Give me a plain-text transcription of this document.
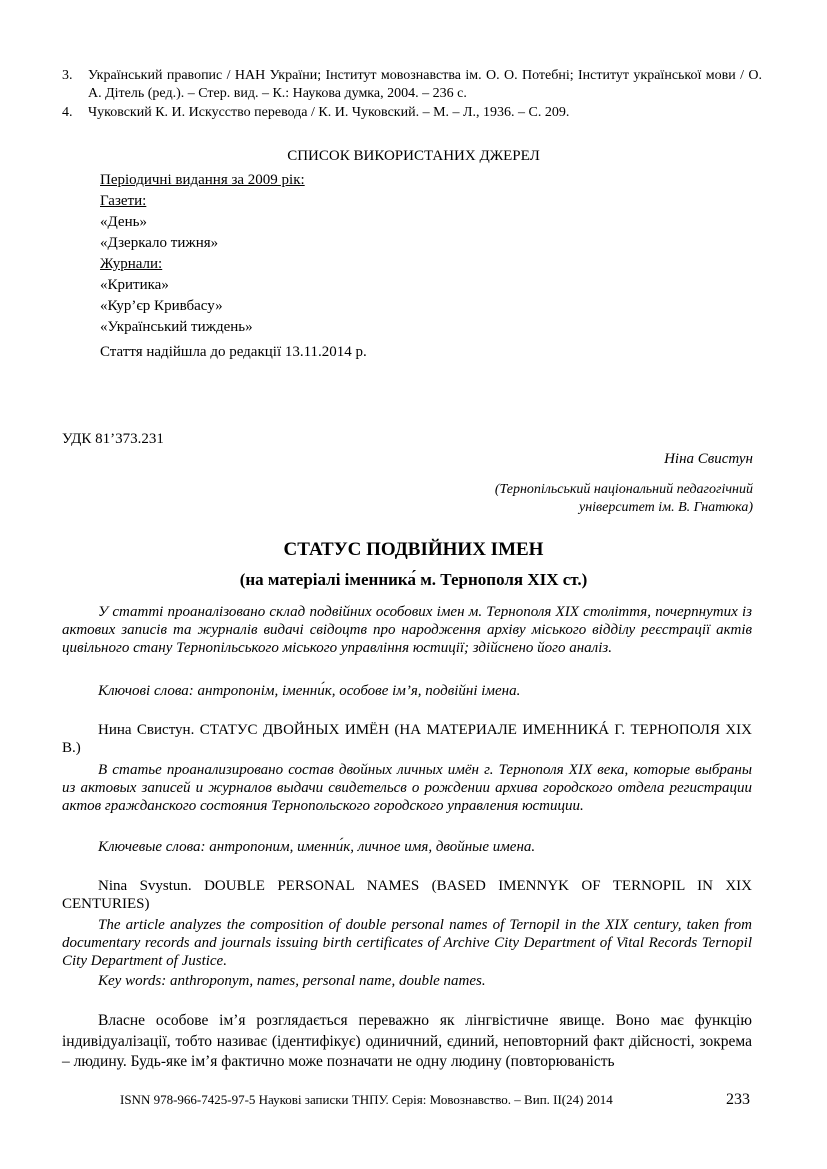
3. Український правопис / НАН України; Інститут мовознавства ім. О. О. Потебні; Інститут української мови / О. А. Дітель (ред.). – Стер. вид. – К.: Наукова думка, 2004. – 236 с.
4. Чуковский К. И. Искусство перевода / К. И. Чуковский. – М. – Л., 1936. – С. 209.
СПИСОК ВИКОРИСТАНИХ ДЖЕРЕЛ
Періодичні видання за 2009 рік:
Газети:
«День»
«Дзеркало тижня»
Журнали:
«Критика»
«Кур’єр Кривбасу»
«Український тиждень»
Стаття надійшла до редакції 13.11.2014 р.
УДК 81’373.231
Ніна Свистун
(Тернопільський національний педагогічний
університет ім. В. Гнатюка)
СТАТУС ПОДВІЙНИХ ІМЕН
(на матеріалі іменника́ м. Тернополя XIX ст.)
У статті проаналізовано склад подвійних особових імен м. Тернополя XIX століття, почерпнутих із актових записів та журналів видачі свідоцтв про народження архіву міського відділу реєстрації актів цивільного стану Тернопільського міського управління юстиції; здійснено його аналіз.
Ключові слова: антропонім, іменни́к, особове ім’я, подвійні імена.
Нина Свистун. СТАТУС ДВОЙНЫХ ИМЁН (НА МАТЕРИАЛЕ ИМЕННИКÁ Г. ТЕРНОПОЛЯ XIX В.)
В статье проанализировано состав двойных личных имён г. Тернополя XIX века, которые выбраны из актовых записей и журналов выдачи свидетельсв о рождении архива городского отдела регистрации актов гражданского состояния Тернопольского городского управления юстиции.
Ключевые слова: антропоним, именни́к, личное имя, двойные имена.
Nina Svystun. DOUBLE PERSONAL NAMES (BASED IMENNYK OF TERNOPIL IN XIX CENTURIES)
The article analyzes the composition of double personal names of Ternopil in the XIX century, taken from documentary records and journals issuing birth certificates of Archive City Department of Vital Records Ternopil City Department of Justice.
Key words: anthroponym, names, personal name, double names.
Власне особове ім’я розглядається переважно як лінгвістичне явище. Воно має функцію індивідуалізації, тобто називає (ідентифікує) одиничний, єдиний, неповторний факт дійсності, зокрема – людину. Будь-яке ім’я фактично може позначати не одну людину (повторюваність
ISNN 978-966-7425-97-5 Наукові записки ТНПУ. Серія: Мовознавство. – Вип. ІІ(24) 2014	233
